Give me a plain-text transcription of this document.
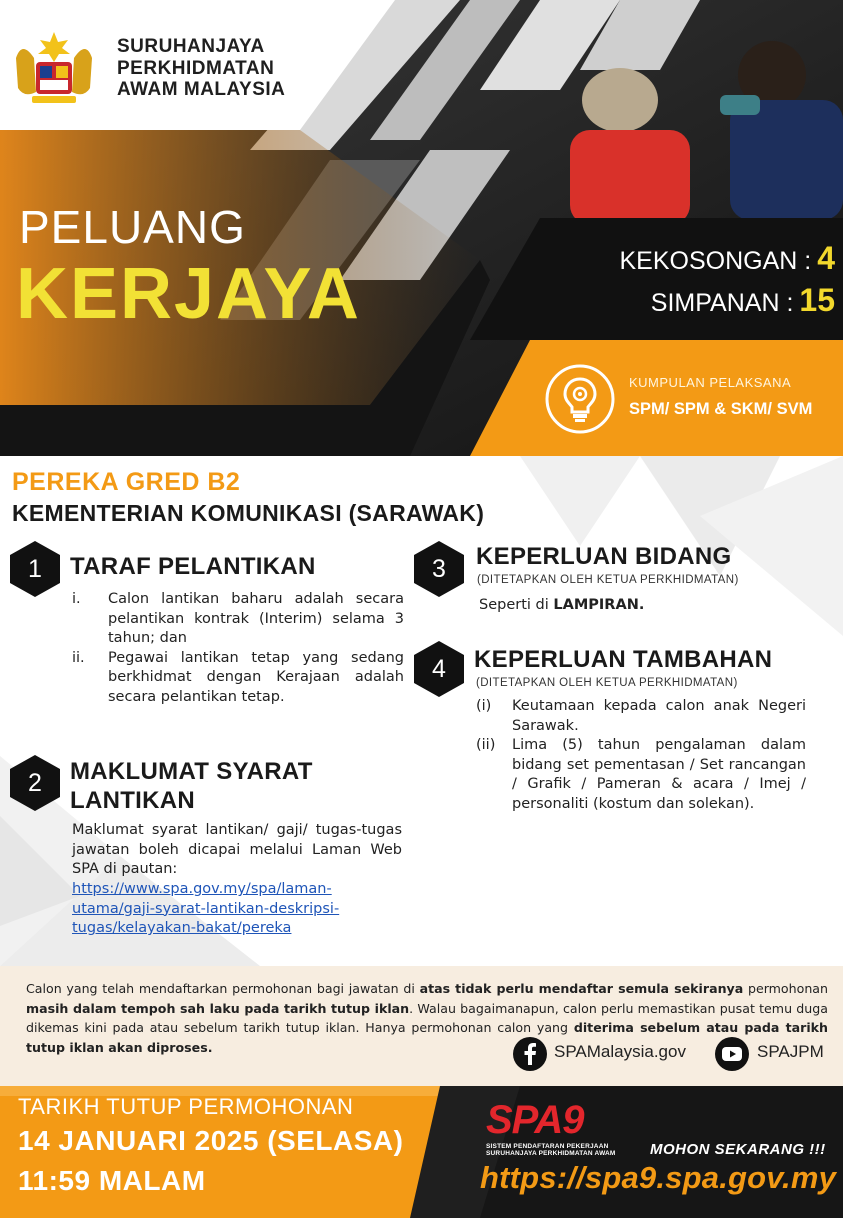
SURUHANJAYA
PERKHIDMATAN
AWAM MALAYSIA
PELUANG
KERJAYA	KEKOSONGAN : 4
SIMPANAN : 15
KUMPULAN PELAKSANA
SPM/ SPM & SKM/ SVM
PEREKA GRED B2
KEMENTERIAN KOMUNIKASI (SARAWAK)
1	TARAF PELANTIKAN
i.	Calon lantikan baharu adalah secara pelantikan kontrak (Interim) selama 3 tahun; dan
ii.	Pegawai lantikan tetap yang sedang berkhidmat dengan Kerajaan adalah secara pelantikan tetap.
2	MAKLUMAT SYARAT
LANTIKAN
Maklumat syarat lantikan/ gaji/ tugas-tugas jawatan boleh dicapai melalui Laman Web SPA di pautan:
https://www.spa.gov.my/spa/laman-
utama/gaji-syarat-lantikan-deskripsi-
tugas/kelayakan-bakat/pereka
3	KEPERLUAN BIDANG
(DITETAPKAN OLEH KETUA PERKHIDMATAN)
Seperti di LAMPIRAN.
4	KEPERLUAN TAMBAHAN
(DITETAPKAN OLEH KETUA PERKHIDMATAN)
(i)	Keutamaan kepada calon anak Negeri Sarawak.
(ii)	Lima (5) tahun pengalaman dalam bidang set pementasan / Set rancangan / Grafik / Pameran & acara / Imej / personaliti (kostum dan solekan).
Calon yang telah mendaftarkan permohonan bagi jawatan di atas tidak perlu mendaftar semula sekiranya permohonan masih dalam tempoh sah laku pada tarikh tutup iklan. Walau bagaimanapun, calon perlu memastikan pusat temu duga dikemas kini pada atau sebelum tarikh tutup iklan. Hanya permohonan calon yang diterima sebelum atau pada tarikh tutup iklan akan diproses.	SPAMalaysia.gov	SPAJPM
TARIKH TUTUP PERMOHONAN
14 JANUARI 2025 (SELASA)
11:59 MALAM
SPA9
SISTEM PENDAFTARAN PEKERJAAN SURUHANJAYA PERKHIDMATAN AWAM	MOHON SEKARANG !!!
https://spa9.spa.gov.my
